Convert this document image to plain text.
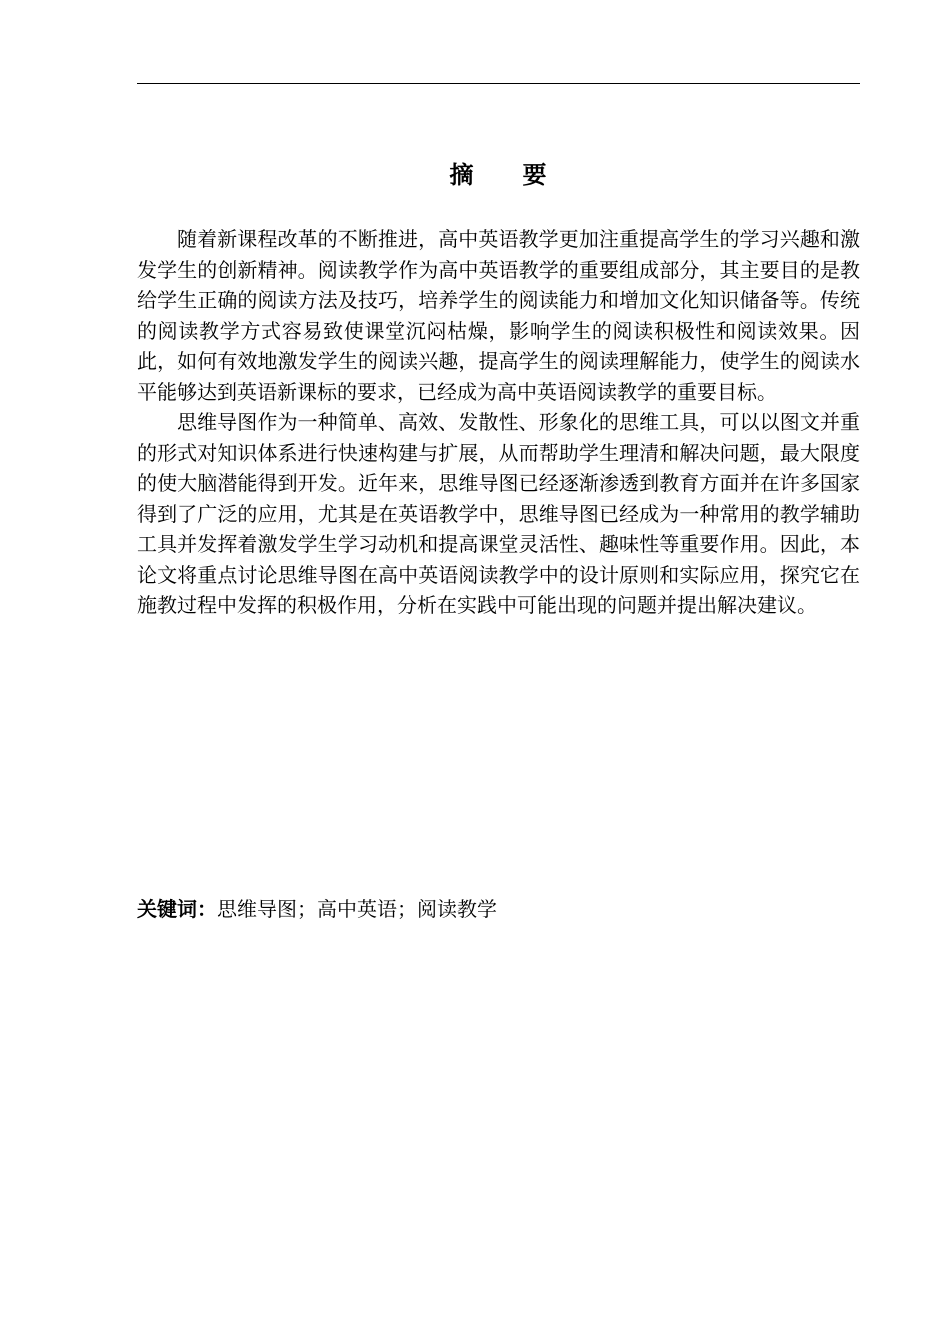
摘 要

随着新课程改革的不断推进，高中英语教学更加注重提高学生的学习兴趣和激发学生的创新精神。阅读教学作为高中英语教学的重要组成部分，其主要目的是教给学生正确的阅读方法及技巧，培养学生的阅读能力和增加文化知识储备等。传统的阅读教学方式容易致使课堂沉闷枯燥，影响学生的阅读积极性和阅读效果。因此，如何有效地激发学生的阅读兴趣，提高学生的阅读理解能力，使学生的阅读水平能够达到英语新课标的要求，已经成为高中英语阅读教学的重要目标。

思维导图作为一种简单、高效、发散性、形象化的思维工具，可以以图文并重的形式对知识体系进行快速构建与扩展，从而帮助学生理清和解决问题，最大限度的使大脑潜能得到开发。近年来，思维导图已经逐渐渗透到教育方面并在许多国家得到了广泛的应用，尤其是在英语教学中，思维导图已经成为一种常用的教学辅助工具并发挥着激发学生学习动机和提高课堂灵活性、趣味性等重要作用。因此，本论文将重点讨论思维导图在高中英语阅读教学中的设计原则和实际应用，探究它在施教过程中发挥的积极作用，分析在实践中可能出现的问题并提出解决建议。

关键词：思维导图；高中英语；阅读教学
